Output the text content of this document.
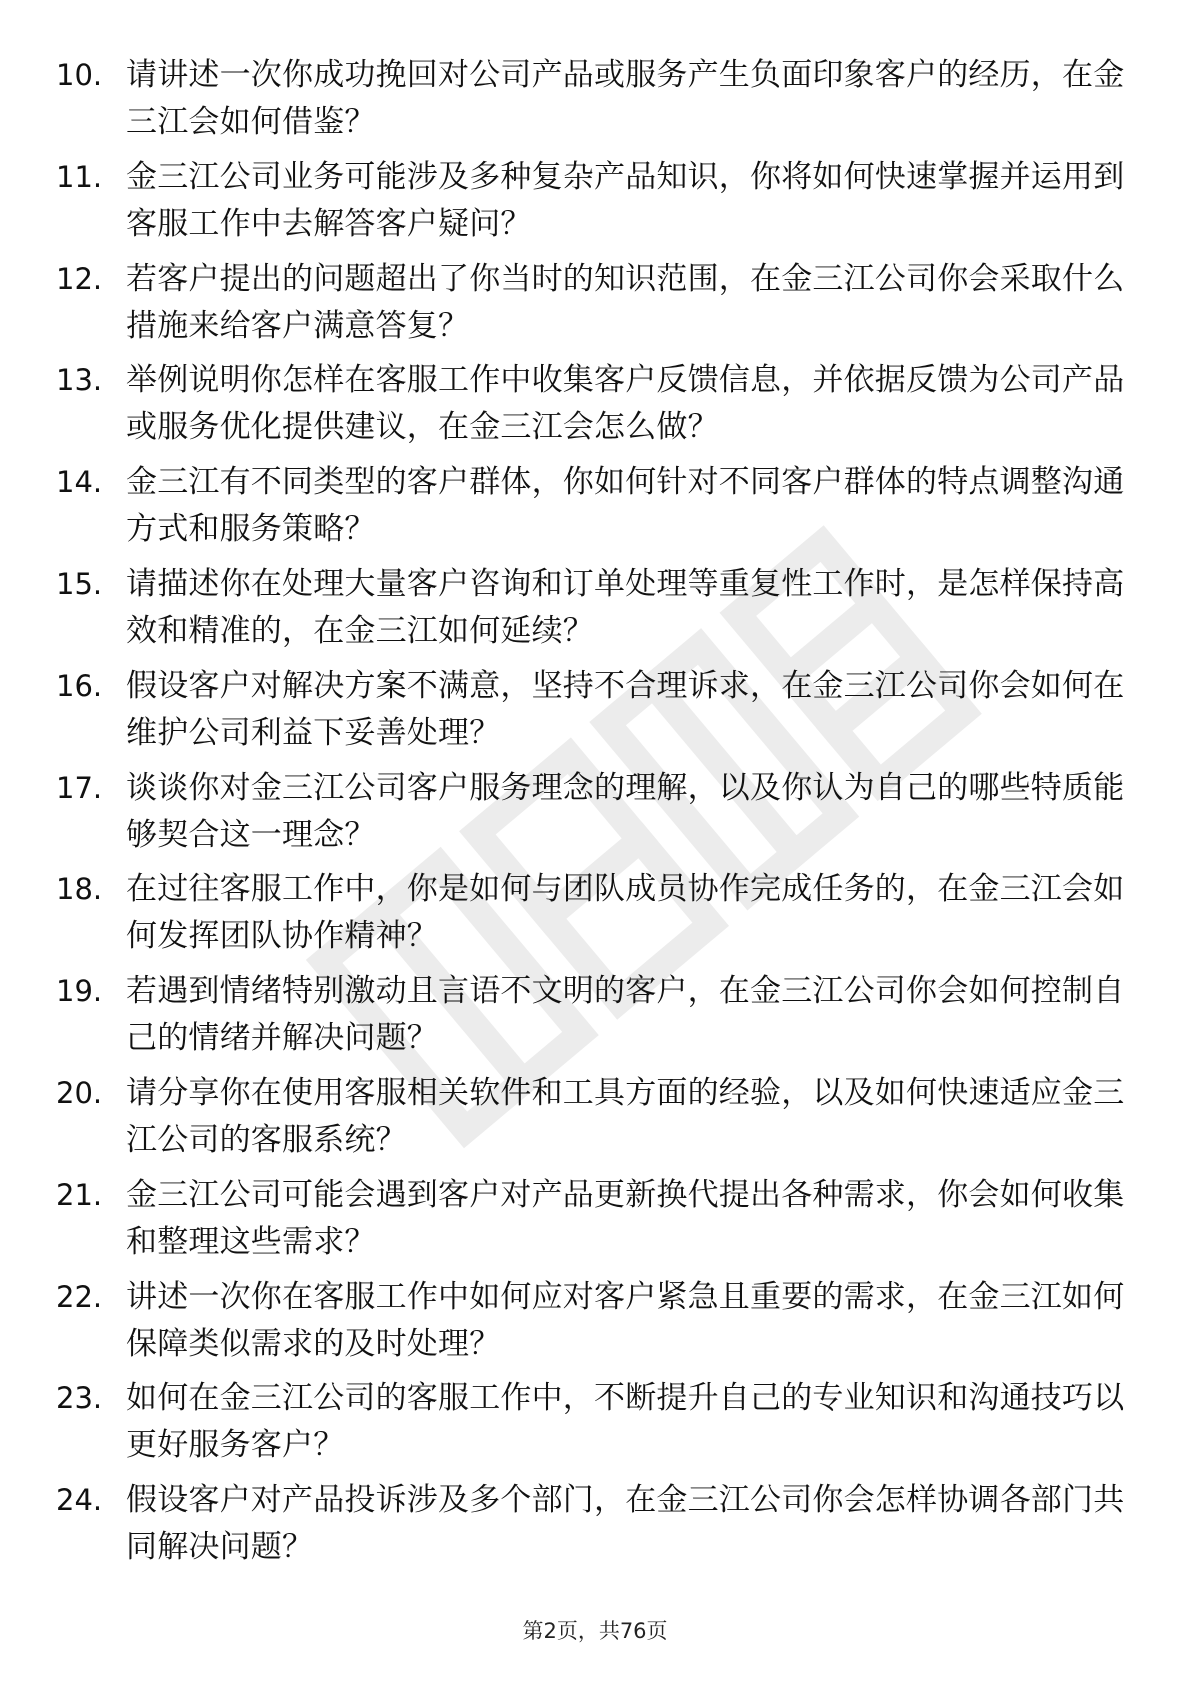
10. 请讲述一次你成功挽回对公司产品或服务产生负面印象客户的经历，在金三江会如何借鉴？
11. 金三江公司业务可能涉及多种复杂产品知识，你将如何快速掌握并运用到客服工作中去解答客户疑问？
12. 若客户提出的问题超出了你当时的知识范围，在金三江公司你会采取什么措施来给客户满意答复？
13. 举例说明你怎样在客服工作中收集客户反馈信息，并依据反馈为公司产品或服务优化提供建议，在金三江会怎么做？
14. 金三江有不同类型的客户群体，你如何针对不同客户群体的特点调整沟通方式和服务策略？
15. 请描述你在处理大量客户咨询和订单处理等重复性工作时，是怎样保持高效和精准的，在金三江如何延续？
16. 假设客户对解决方案不满意，坚持不合理诉求，在金三江公司你会如何在维护公司利益下妥善处理？
17. 谈谈你对金三江公司客户服务理念的理解，以及你认为自己的哪些特质能够契合这一理念？
18. 在过往客服工作中，你是如何与团队成员协作完成任务的，在金三江会如何发挥团队协作精神？
19. 若遇到情绪特别激动且言语不文明的客户，在金三江公司你会如何控制自己的情绪并解决问题？
20. 请分享你在使用客服相关软件和工具方面的经验，以及如何快速适应金三江公司的客服系统？
21. 金三江公司可能会遇到客户对产品更新换代提出各种需求，你会如何收集和整理这些需求？
22. 讲述一次你在客服工作中如何应对客户紧急且重要的需求，在金三江如何保障类似需求的及时处理？
23. 如何在金三江公司的客服工作中，不断提升自己的专业知识和沟通技巧以更好服务客户？
24. 假设客户对产品投诉涉及多个部门，在金三江公司你会怎样协调各部门共同解决问题？
第2页，共76页
